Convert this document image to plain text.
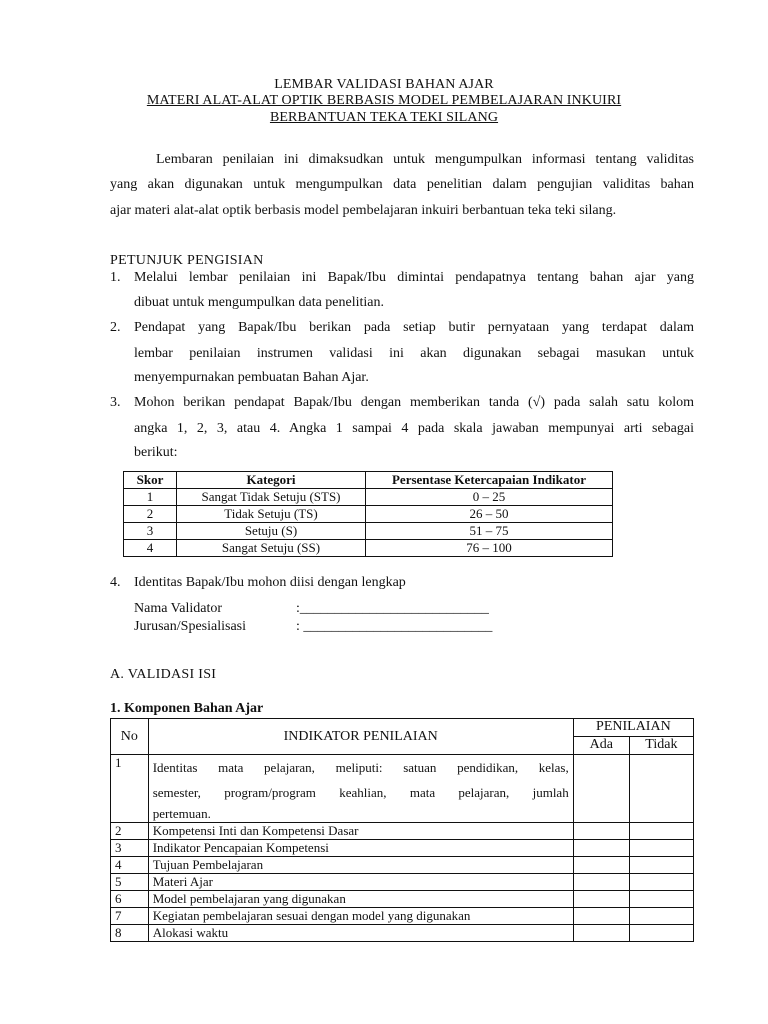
LEMBAR VALIDASI BAHAN AJAR
MATERI ALAT-ALAT OPTIK BERBASIS MODEL PEMBELAJARAN INKUIRI
BERBANTUAN TEKA TEKI SILANG
Lembaran penilaian ini dimaksudkan untuk mengumpulkan informasi tentang validitas
yang akan digunakan untuk mengumpulkan data penelitian dalam pengujian validitas bahan
ajar materi alat-alat optik berbasis model pembelajaran inkuiri berbantuan teka teki silang.
PETUNJUK PENGISIAN
1. Melalui lembar penilaian ini Bapak/Ibu dimintai pendapatnya tentang bahan ajar yang
dibuat untuk mengumpulkan data penelitian.
2. Pendapat yang Bapak/Ibu berikan pada setiap butir pernyataan yang terdapat dalam
lembar penilaian instrumen validasi ini akan digunakan sebagai masukan untuk
menyempurnakan pembuatan Bahan Ajar.
3. Mohon berikan pendapat Bapak/Ibu dengan memberikan tanda (√) pada salah satu kolom
angka 1, 2, 3, atau 4. Angka 1 sampai 4 pada skala jawaban mempunyai arti sebagai
berikut:
Skor	Kategori	Persentase Ketercapaian Indikator
1	Sangat Tidak Setuju (STS)	0 – 25
2	Tidak Setuju (TS)	26 – 50
3	Setuju (S)	51 – 75
4	Sangat Setuju (SS)	76 – 100
4. Identitas Bapak/Ibu mohon diisi dengan lengkap
Nama Validator	:___________________________
Jurusan/Spesialisasi	: ___________________________
A. VALIDASI ISI
1. Komponen Bahan Ajar
No	INDIKATOR PENILAIAN	PENILAIAN	
		Ada	Tidak
1	Identitas mata pelajaran, meliputi: satuan pendidikan, kelas,
semester, program/program keahlian, mata pelajaran, jumlah
pertemuan.		

2	Kompetensi Inti dan Kompetensi Dasar		
3	Indikator Pencapaian Kompetensi		
4	Tujuan Pembelajaran		
5	Materi Ajar		
6	Model pembelajaran yang digunakan		
7	Kegiatan pembelajaran sesuai dengan model yang digunakan		
8	Alokasi waktu		
